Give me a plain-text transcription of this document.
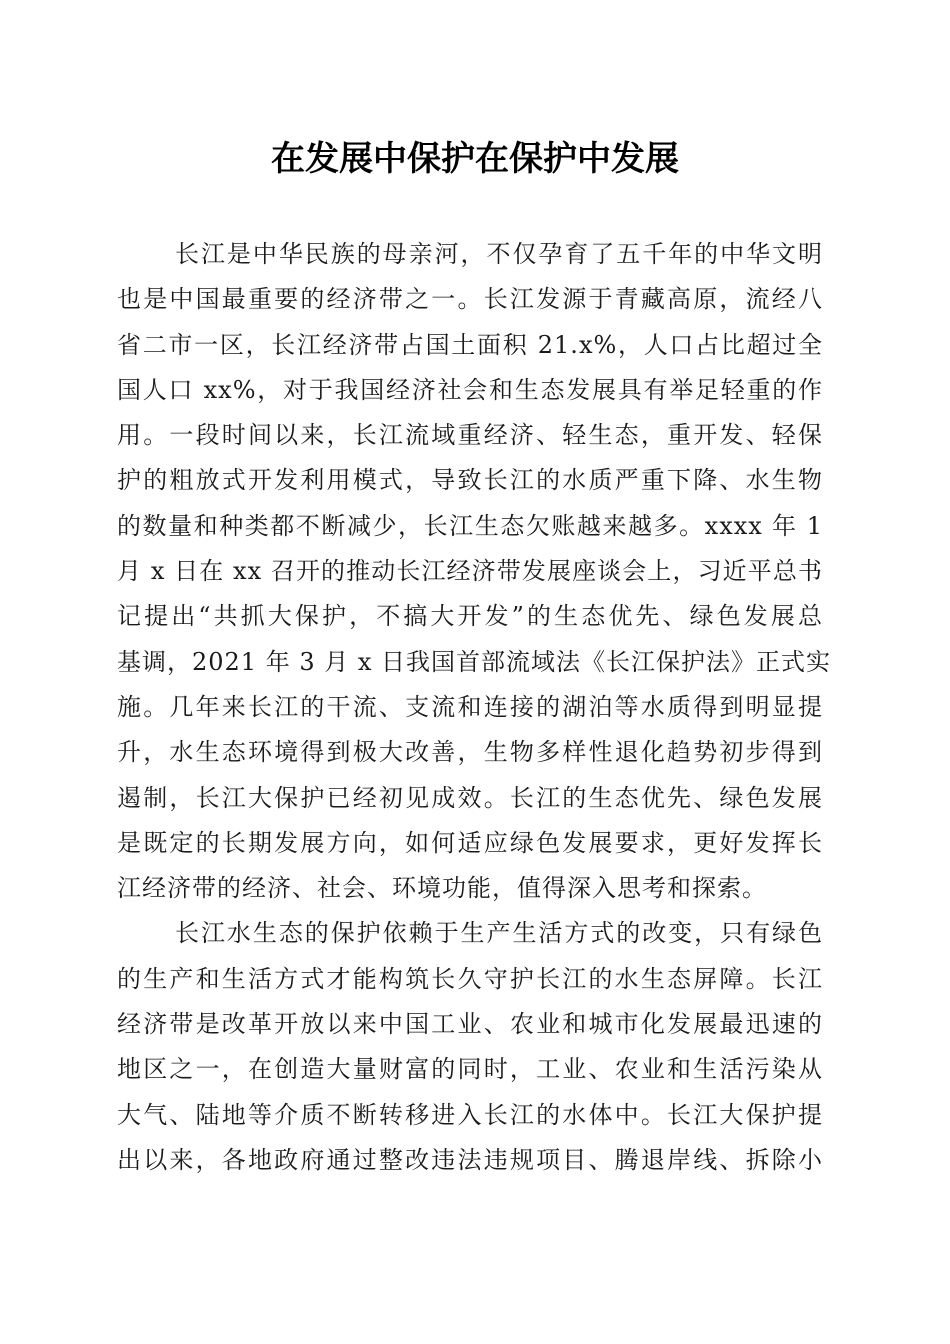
在发展中保护在保护中发展
长江是中华民族的母亲河，不仅孕育了五千年的中华文明
也是中国最重要的经济带之一。长江发源于青藏高原，流经八
省二市一区，长江经济带占国土面积 21.x%，人口占比超过全
国人口 xx%，对于我国经济社会和生态发展具有举足轻重的作
用。一段时间以来，长江流域重经济、轻生态，重开发、轻保
护的粗放式开发利用模式，导致长江的水质严重下降、水生物
的数量和种类都不断减少，长江生态欠账越来越多。xxxx 年 1
月 x 日在 xx 召开的推动长江经济带发展座谈会上，习近平总书
记提出“共抓大保护，不搞大开发”的生态优先、绿色发展总
基调，2021 年 3 月 x 日我国首部流域法《长江保护法》正式实
施。几年来长江的干流、支流和连接的湖泊等水质得到明显提
升，水生态环境得到极大改善，生物多样性退化趋势初步得到
遏制，长江大保护已经初见成效。长江的生态优先、绿色发展
是既定的长期发展方向，如何适应绿色发展要求，更好发挥长
江经济带的经济、社会、环境功能，值得深入思考和探索。
长江水生态的保护依赖于生产生活方式的改变，只有绿色
的生产和生活方式才能构筑长久守护长江的水生态屏障。长江
经济带是改革开放以来中国工业、农业和城市化发展最迅速的
地区之一，在创造大量财富的同时，工业、农业和生活污染从
大气、陆地等介质不断转移进入长江的水体中。长江大保护提
出以来，各地政府通过整改违法违规项目、腾退岸线、拆除小
